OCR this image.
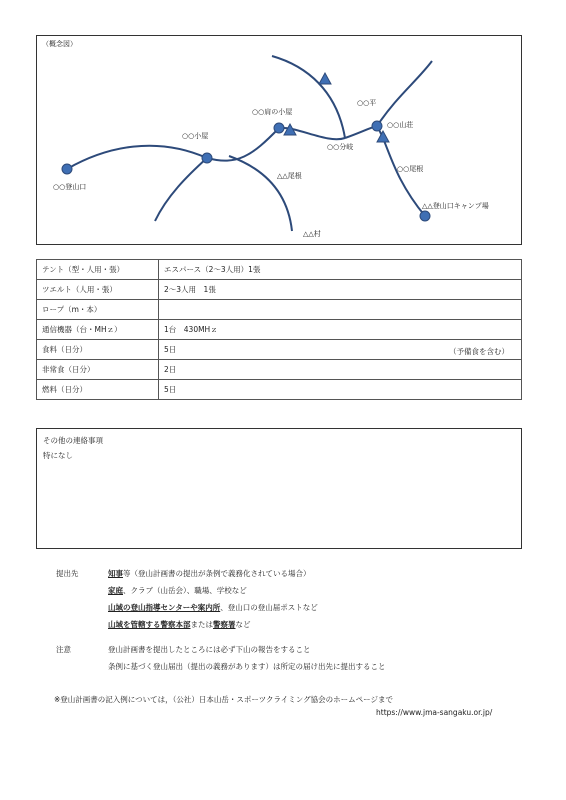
（概念図）
○○登山口
○○小屋
○○肩の小屋
○○分岐
○○平
○○山荘
△△尾根
○○尾根
△△村
△△登山口キャンプ場
テント（型・人用・張）	エスパース（2〜3人用）1張
ツエルト（人用・張）	2〜3人用　1張
ロープ（m・本）	
通信機器（台・MHｚ）	1台　430MHｚ
食料（日分）	5日 （予備食を含む）

非常食（日分）	2日
燃料（日分）	5日
その他の連絡事項
特になし
提出先	知事等（登山計画書の提出が条例で義務化されている場合）
家庭、クラブ（山岳会）、職場、学校など
山域の登山指導センターや案内所、登山口の登山届ポストなど
山域を管轄する警察本部または警察署など
注意	登山計画書を提出したところには必ず下山の報告をすること
条例に基づく登山届出（提出の義務があります）は所定の届け出先に提出すること
※登山計画書の記入例については，（公社）日本山岳・スポーツクライミング協会のホームページまで
https://www.jma-sangaku.or.jp/
